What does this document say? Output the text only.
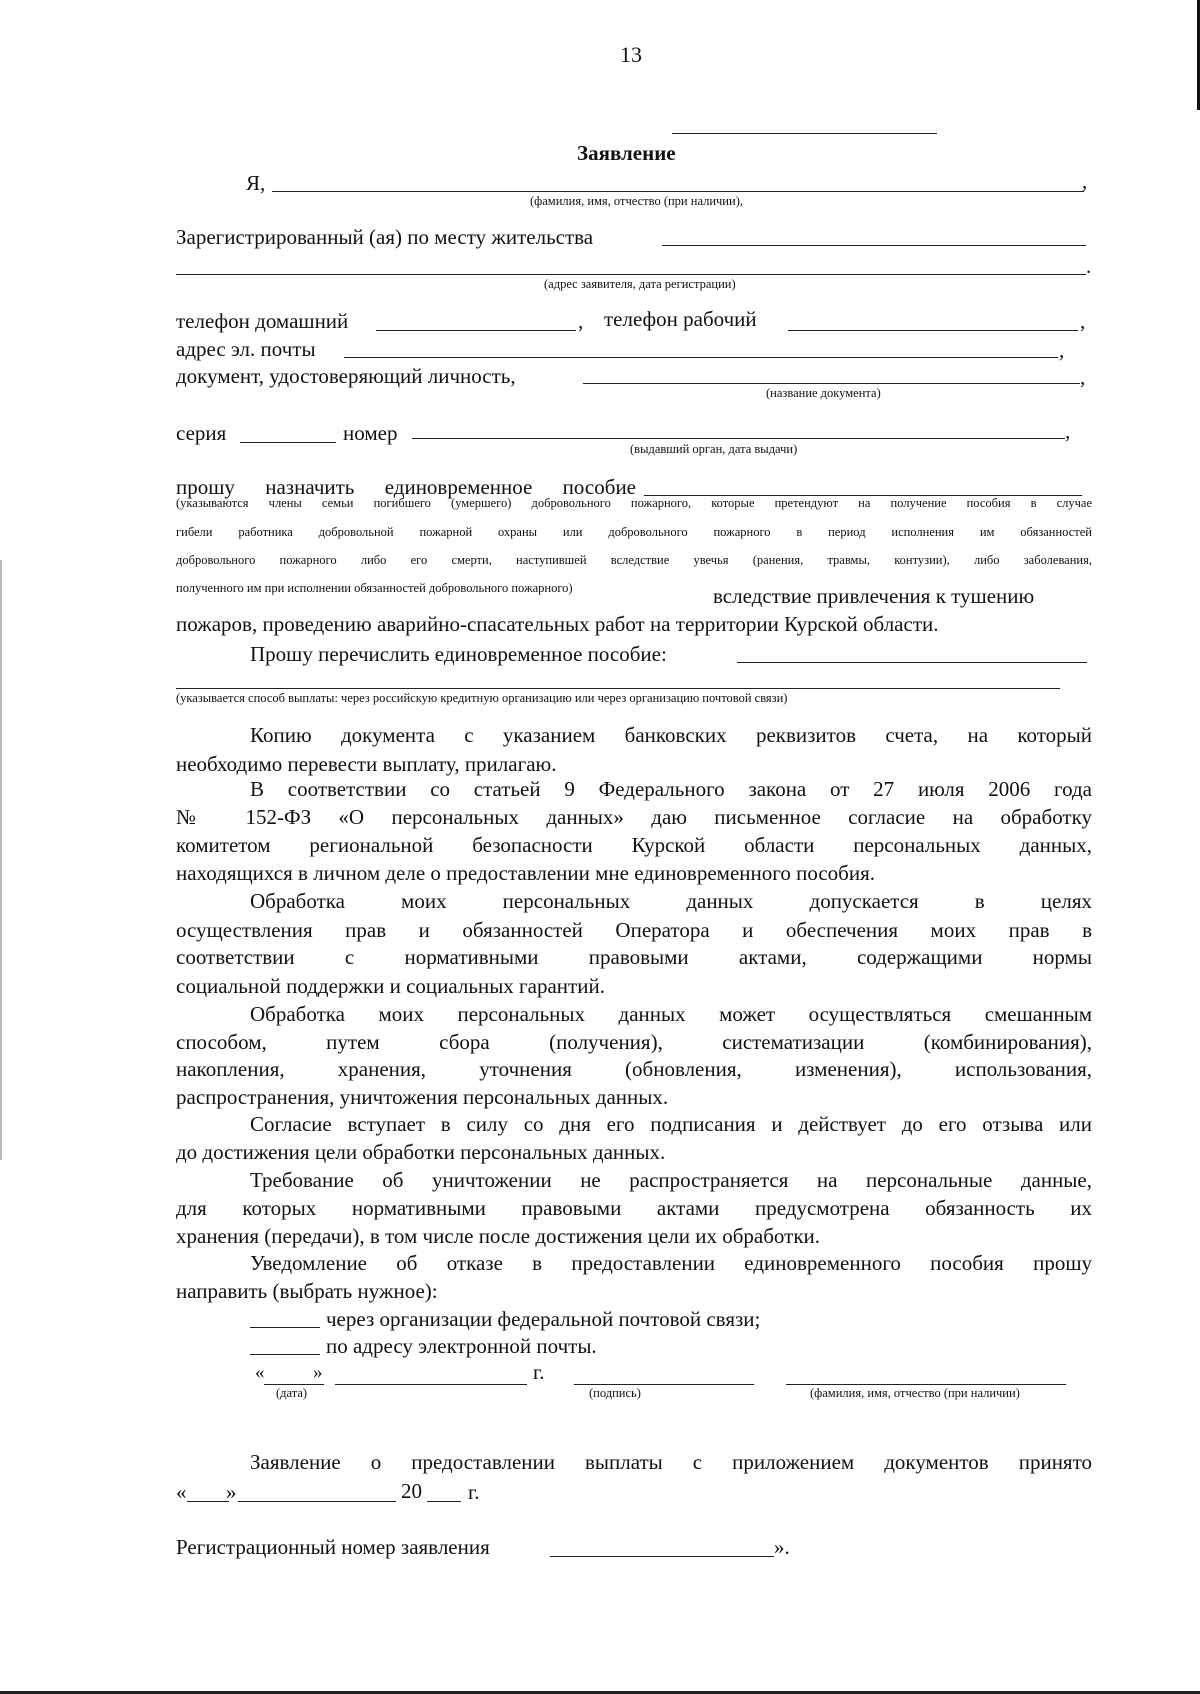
13
Заявление
Я,	,
(фамилия, имя, отчество (при наличии),
Зарегистрированный (ая) по месту жительства
.
(адрес заявителя, дата регистрации)
телефон домашний	, телефон рабочий	,
адрес эл. почты	,
документ, удостоверяющий личность,	,
(название документа)
серия	номер	,
(выдавший орган, дата выдачи)
прошу назначить единовременное пособие
(указываются члены семьи погибшего (умершего) добровольного пожарного, которые претендуют на получение пособия в случае
гибели работника добровольной пожарной охраны или добровольного пожарного в период исполнения им обязанностей
добровольного пожарного либо его смерти, наступившей вследствие увечья (ранения, травмы, контузии), либо заболевания,
полученного им при исполнении обязанностей добровольного пожарного)	вследствие привлечения к тушению
пожаров, проведению аварийно-спасательных работ на территории Курской области.
Прошу перечислить единовременное пособие:
(указывается способ выплаты: через российскую кредитную организацию или через организацию почтовой связи)
Копию документа с указанием банковских реквизитов счета, на который
необходимо перевести выплату, прилагаю.
В соответствии со статьей 9 Федерального закона от 27 июля 2006 года
№ 152-ФЗ «О персональных данных» даю письменное согласие на обработку
комитетом региональной безопасности Курской области персональных данных,
находящихся в личном деле о предоставлении мне единовременного пособия.
Обработка моих персональных данных допускается в целях
осуществления прав и обязанностей Оператора и обеспечения моих прав в
соответствии с нормативными правовыми актами, содержащими нормы
социальной поддержки и социальных гарантий.
Обработка моих персональных данных может осуществляться смешанным
способом, путем сбора (получения), систематизации (комбинирования),
накопления, хранения, уточнения (обновления, изменения), использования,
распространения, уничтожения персональных данных.
Согласие вступает в силу со дня его подписания и действует до его отзыва или
до достижения цели обработки персональных данных.
Требование об уничтожении не распространяется на персональные данные,
для которых нормативными правовыми актами предусмотрена обязанность их
хранения (передачи), в том числе после достижения цели их обработки.
Уведомление об отказе в предоставлении единовременного пособия прошу
направить (выбрать нужное):
через организации федеральной почтовой связи;
по адресу электронной почты.
«	»	г.
(дата)	(подпись)	(фамилия, имя, отчество (при наличии)
Заявление о предоставлении выплаты с приложением документов принято
« »	20 г.
Регистрационный номер заявления	».
